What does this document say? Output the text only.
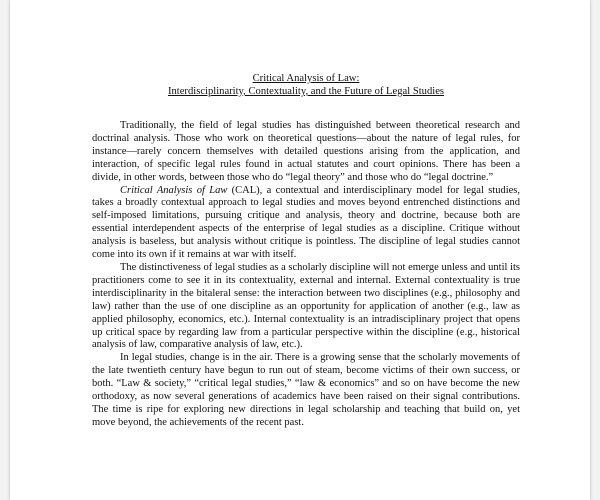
Critical Analysis of Law:
Interdisciplinarity, Contextuality, and the Future of Legal Studies

Traditionally, the field of legal studies has distinguished between theoretical research and doctrinal analysis. Those who work on theoretical questions—about the nature of legal rules, for instance—rarely concern themselves with detailed questions arising from the application, and interaction, of specific legal rules found in actual statutes and court opinions. There has been a divide, in other words, between those who do “legal theory” and those who do “legal doctrine.”

Critical Analysis of Law (CAL), a contextual and interdisciplinary model for legal studies, takes a broadly contextual approach to legal studies and moves beyond entrenched distinctions and self-imposed limitations, pursuing critique and analysis, theory and doctrine, because both are essential interdependent aspects of the enterprise of legal studies as a discipline. Critique without analysis is baseless, but analysis without critique is pointless. The discipline of legal studies cannot come into its own if it remains at war with itself.

The distinctiveness of legal studies as a scholarly discipline will not emerge unless and until its practitioners come to see it in its contextuality, external and internal. External contextuality is true interdisciplinarity in the bitaleral sense: the interaction between two disciplines (e.g., philosophy and law) rather than the use of one discipline as an opportunity for application of another (e.g., law as applied philosophy, economics, etc.). Internal contextuality is an intradisciplinary project that opens up critical space by regarding law from a particular perspective within the discipline (e.g., historical analysis of law, comparative analysis of law, etc.).

In legal studies, change is in the air. There is a growing sense that the scholarly movements of the late twentieth century have begun to run out of steam, become victims of their own success, or both. “Law & society,” “critical legal studies,” “law & economics” and so on have become the new orthodoxy, as now several generations of academics have been raised on their signal contributions. The time is ripe for exploring new directions in legal scholarship and teaching that build on, yet move beyond, the achievements of the recent past.
